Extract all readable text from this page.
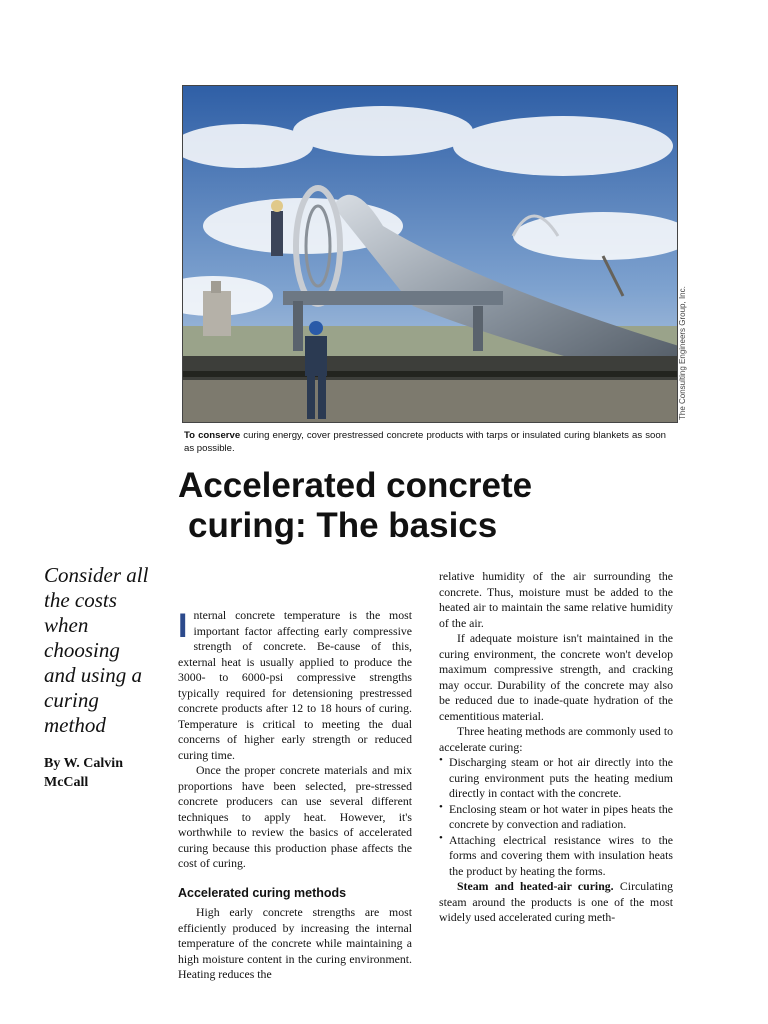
The Consulting Engineers Group, Inc.
To conserve curing energy, cover prestressed concrete products with tarps or insulated curing blankets as soon as possible.
Accelerated concrete
curing: The basics

Consider all the costs when choosing and using a curing method

By W. Calvin McCall

Internal concrete temperature is the most important factor affecting early compressive strength of concrete. Be-cause of this, external heat is usually applied to produce the 3000- to 6000-psi compressive strengths typically required for detensioning prestressed concrete products after 12 to 18 hours of curing. Temperature is critical to meeting the dual concerns of higher early strength or reduced curing time.

Once the proper concrete materials and mix proportions have been selected, pre-stressed concrete producers can use several different techniques to apply heat. However, it's worthwhile to review the basics of accelerated curing because this production phase affects the cost of curing.

Accelerated curing methods

High early concrete strengths are most efficiently produced by increasing the internal temperature of the concrete while maintaining a high moisture content in the curing environment. Heating reduces the

relative humidity of the air surrounding the concrete. Thus, moisture must be added to the heated air to maintain the same relative humidity of the air.

If adequate moisture isn't maintained in the curing environment, the concrete won't develop maximum compressive strength, and cracking may occur. Durability of the concrete may also be reduced due to inade-quate hydration of the cementitious material.

Three heating methods are commonly used to accelerate curing:

• Discharging steam or hot air directly into the curing environment puts the heating medium directly in contact with the concrete.
• Enclosing steam or hot water in pipes heats the concrete by convection and radiation.
• Attaching electrical resistance wires to the forms and covering them with insulation heats the product by heating the forms.

Steam and heated-air curing. Circulating steam around the products is one of the most widely used accelerated curing meth-
